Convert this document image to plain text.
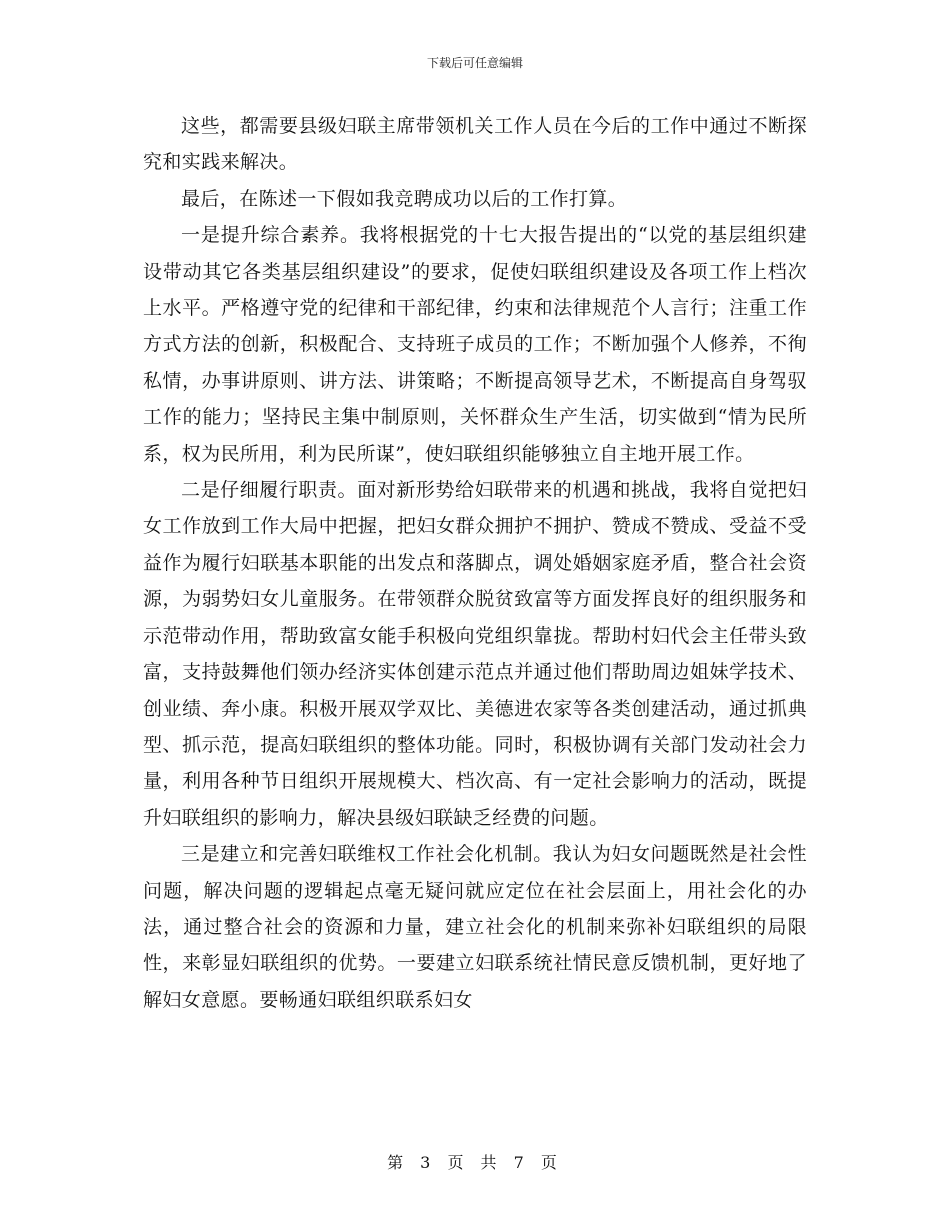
下载后可任意编辑

这些，都需要县级妇联主席带领机关工作人员在今后的工作中通过不断探究和实践来解决。

最后，在陈述一下假如我竞聘成功以后的工作打算。

一是提升综合素养。我将根据党的十七大报告提出的“以党的基层组织建设带动其它各类基层组织建设”的要求，促使妇联组织建设及各项工作上档次上水平。严格遵守党的纪律和干部纪律，约束和法律规范个人言行；注重工作方式方法的创新，积极配合、支持班子成员的工作；不断加强个人修养，不徇私情，办事讲原则、讲方法、讲策略；不断提高领导艺术，不断提高自身驾驭工作的能力；坚持民主集中制原则，关怀群众生产生活，切实做到“情为民所系，权为民所用，利为民所谋”，使妇联组织能够独立自主地开展工作。

二是仔细履行职责。面对新形势给妇联带来的机遇和挑战，我将自觉把妇女工作放到工作大局中把握，把妇女群众拥护不拥护、赞成不赞成、受益不受益作为履行妇联基本职能的出发点和落脚点，调处婚姻家庭矛盾，整合社会资源，为弱势妇女儿童服务。在带领群众脱贫致富等方面发挥良好的组织服务和示范带动作用，帮助致富女能手积极向党组织靠拢。帮助村妇代会主任带头致富，支持鼓舞他们领办经济实体创建示范点并通过他们帮助周边姐妹学技术、创业绩、奔小康。积极开展双学双比、美德进农家等各类创建活动，通过抓典型、抓示范，提高妇联组织的整体功能。同时，积极协调有关部门发动社会力量，利用各种节日组织开展规模大、档次高、有一定社会影响力的活动，既提升妇联组织的影响力，解决县级妇联缺乏经费的问题。

三是建立和完善妇联维权工作社会化机制。我认为妇女问题既然是社会性问题，解决问题的逻辑起点毫无疑问就应定位在社会层面上，用社会化的办法，通过整合社会的资源和力量，建立社会化的机制来弥补妇联组织的局限性，来彰显妇联组织的优势。一要建立妇联系统社情民意反馈机制，更好地了解妇女意愿。要畅通妇联组织联系妇女

第 3 页 共 7 页
